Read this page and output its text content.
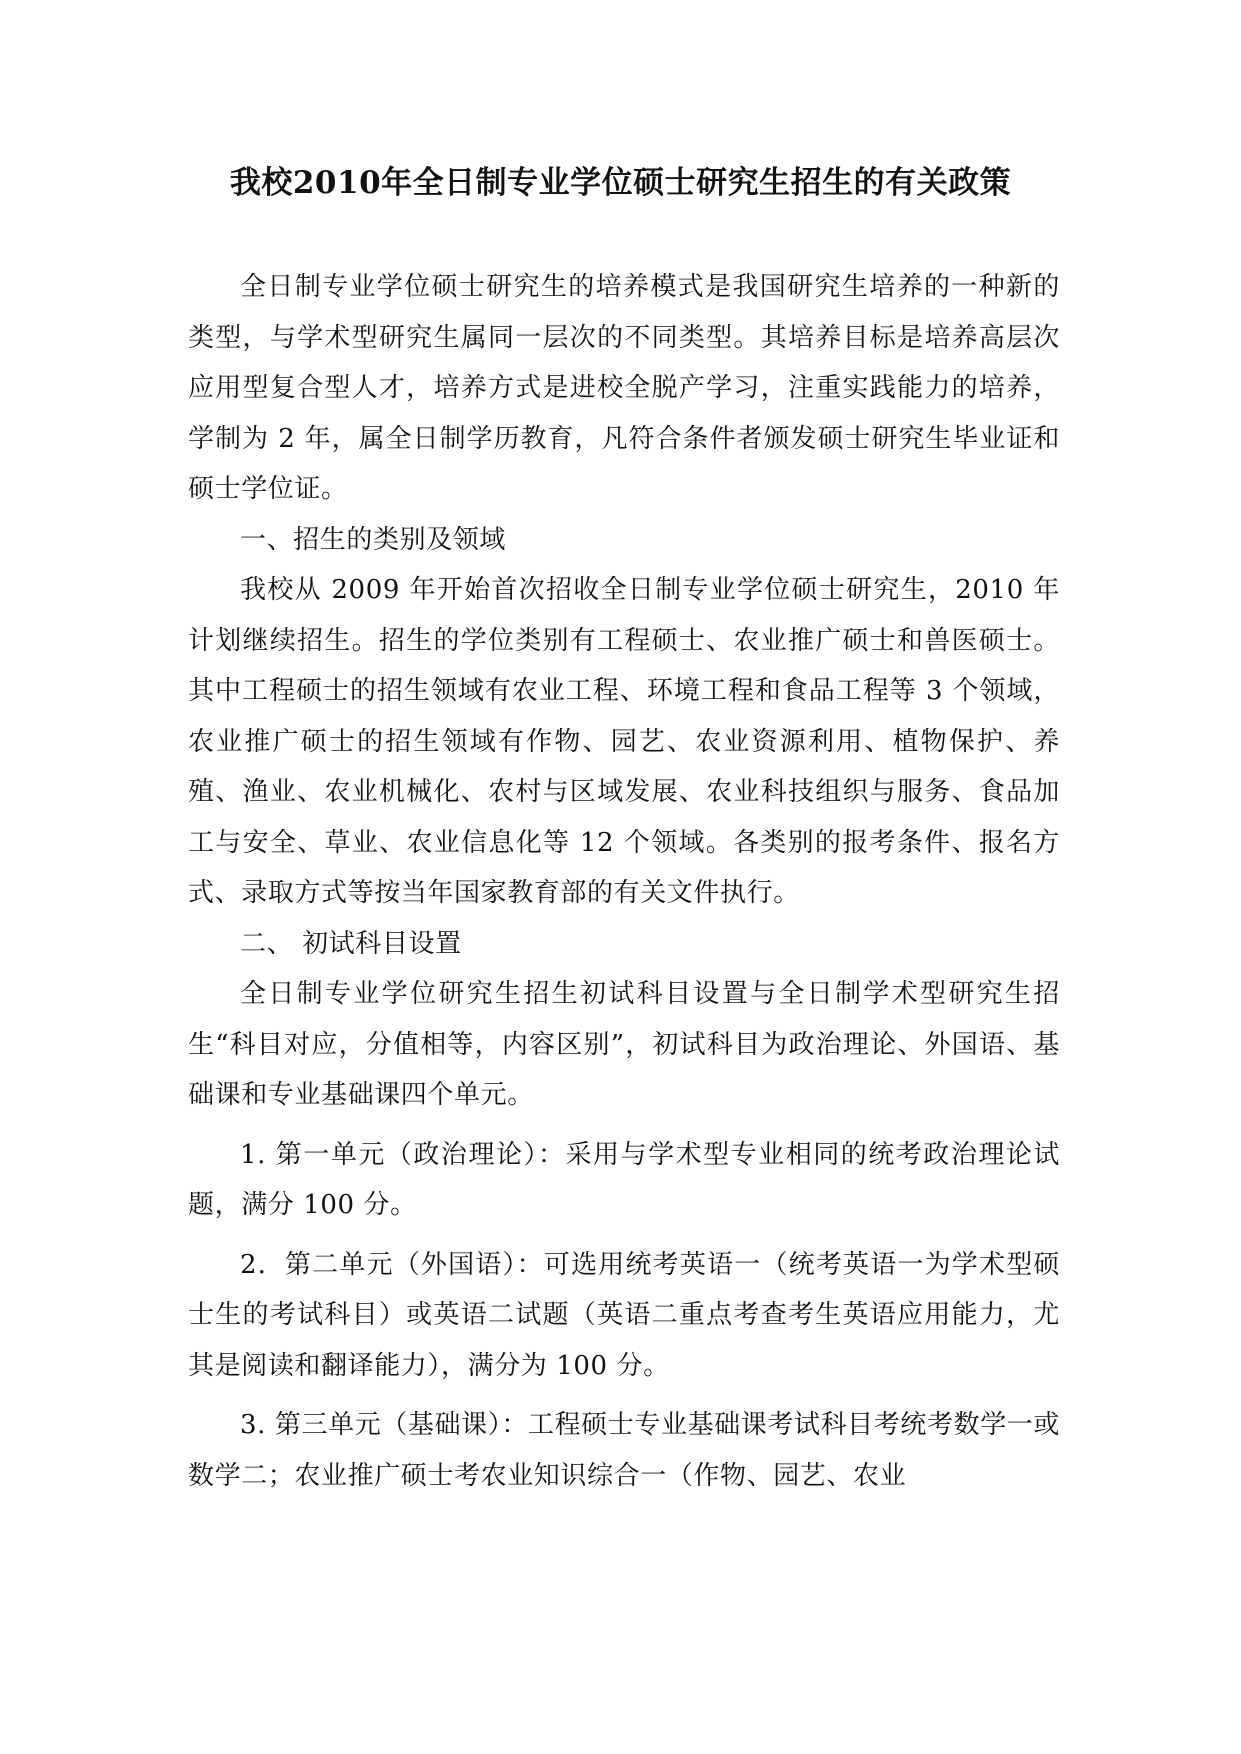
我校2010年全日制专业学位硕士研究生招生的有关政策

全日制专业学位硕士研究生的培养模式是我国研究生培养的一种新的类型，与学术型研究生属同一层次的不同类型。其培养目标是培养高层次应用型复合型人才，培养方式是进校全脱产学习，注重实践能力的培养，学制为 2 年，属全日制学历教育，凡符合条件者颁发硕士研究生毕业证和硕士学位证。

一、招生的类别及领域

我校从 2009 年开始首次招收全日制专业学位硕士研究生，2010 年计划继续招生。招生的学位类别有工程硕士、农业推广硕士和兽医硕士。其中工程硕士的招生领域有农业工程、环境工程和食品工程等 3 个领域，农业推广硕士的招生领域有作物、园艺、农业资源利用、植物保护、养殖、渔业、农业机械化、农村与区域发展、农业科技组织与服务、食品加工与安全、草业、农业信息化等 12 个领域。各类别的报考条件、报名方式、录取方式等按当年国家教育部的有关文件执行。

二、 初试科目设置

全日制专业学位研究生招生初试科目设置与全日制学术型研究生招生“科目对应，分值相等，内容区别”，初试科目为政治理论、外国语、基础课和专业基础课四个单元。

1. 第一单元（政治理论）：采用与学术型专业相同的统考政治理论试题，满分 100 分。

2．第二单元（外国语）：可选用统考英语一（统考英语一为学术型硕士生的考试科目）或英语二试题（英语二重点考查考生英语应用能力，尤其是阅读和翻译能力），满分为 100 分。

3. 第三单元（基础课）：工程硕士专业基础课考试科目考统考数学一或数学二；农业推广硕士考农业知识综合一（作物、园艺、农业
